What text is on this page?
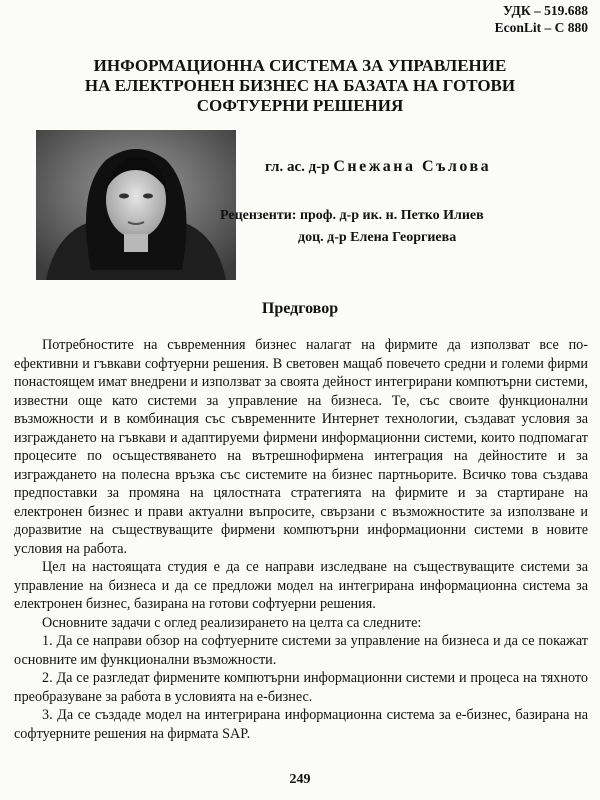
УДК – 519.688
EconLit – C 880
ИНФОРМАЦИОННА СИСТЕМА ЗА УПРАВЛЕНИЕ
НА ЕЛЕКТРОНЕН БИЗНЕС НА БАЗАТА НА ГОТОВИ
СОФТУЕРНИ РЕШЕНИЯ
гл. ас. д-р Снежана Сълова
Рецензенти: проф. д-р ик. н. Петко Илиев
доц. д-р Елена Георгиева
Предговор

Потребностите на съвременния бизнес налагат на фирмите да използват все по-ефективни и гъвкави софтуерни решения. В световен мащаб повечето средни и големи фирми понастоящем имат внедрени и използват за своята дейност интегрирани компютърни системи, известни още като системи за управление на бизнеса. Те, със своите функционални възможности и в комбинация със съвременните Интернет технологии, създават условия за изграждането на гъвкави и адаптируеми фирмени информационни системи, които подпомагат процесите по осъществяването на вътрешнофирмена интеграция на дейностите и за изграждането на полесна връзка със системите на бизнес партньорите. Всичко това създава предпоставки за промяна на цялостната стратегията на фирмите и за стартиране на електронен бизнес и прави актуални въпросите, свързани с възможностите за използване и доразвитие на съществуващите фирмени компютърни информационни системи в новите условия на работа.

Цел на настоящата студия е да се направи изследване на съществуващите системи за управление на бизнеса и да се предложи модел на интегрирана информационна система за електронен бизнес, базирана на готови софтуерни решения.

Основните задачи с оглед реализирането на целта са следните:

1. Да се направи обзор на софтуерните системи за управление на бизнеса и да се покажат основните им функционални възможности.

2. Да се разгледат фирмените компютърни информационни системи и процеса на тяхното преобразуване за работа в условията на е-бизнес.

3. Да се създаде модел на интегрирана информационна система за е-бизнес, базирана на софтуерните решения на фирмата SAP.

249
